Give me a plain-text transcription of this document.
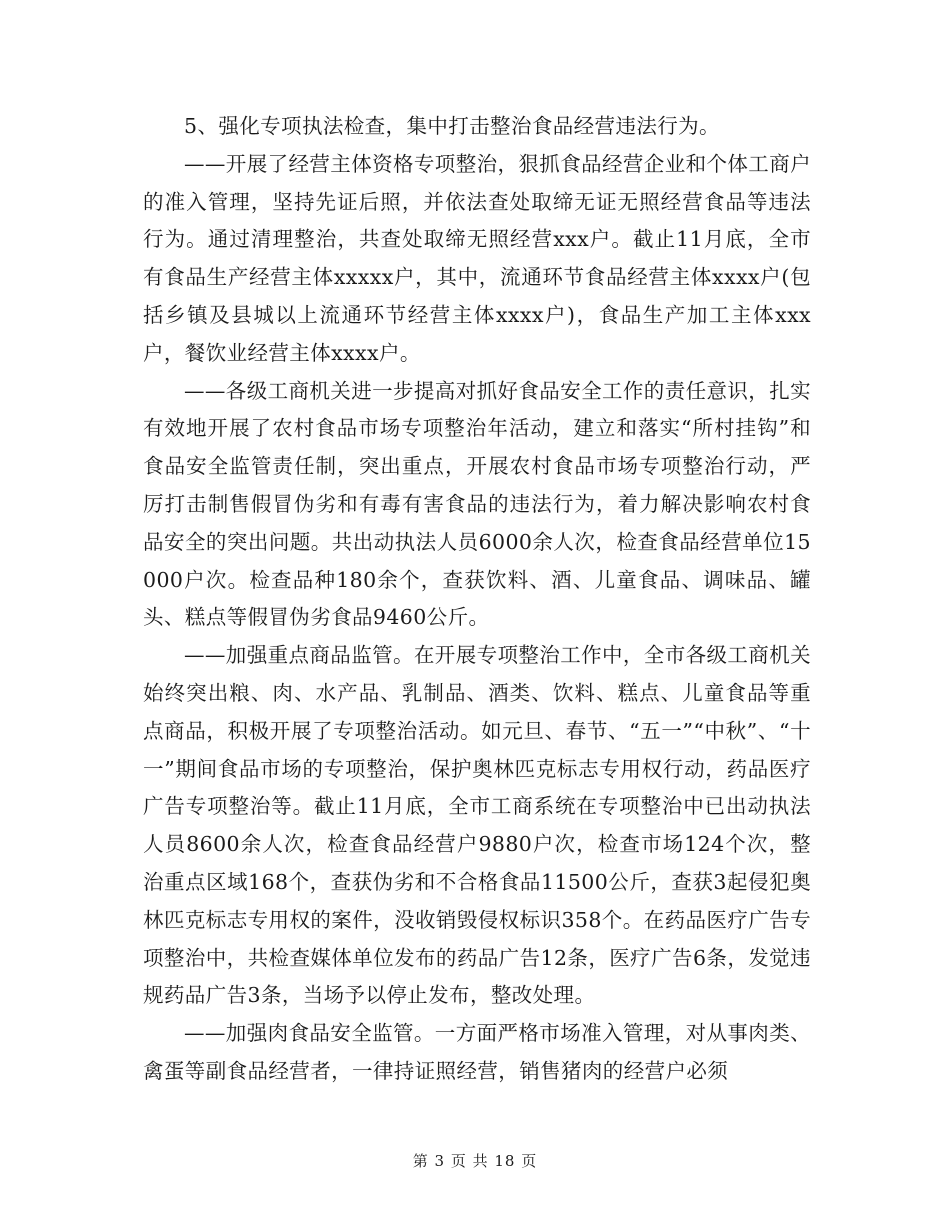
5、强化专项执法检查，集中打击整治食品经营违法行为。

——开展了经营主体资格专项整治，狠抓食品经营企业和个体工商户的准入管理，坚持先证后照，并依法查处取缔无证无照经营食品等违法行为。通过清理整治，共查处取缔无照经营xxx户。截止11月底，全市有食品生产经营主体xxxxx户，其中，流通环节食品经营主体xxxx户(包括乡镇及县城以上流通环节经营主体xxxx户)，食品生产加工主体xxx户，餐饮业经营主体xxxx户。

——各级工商机关进一步提高对抓好食品安全工作的责任意识，扎实有效地开展了农村食品市场专项整治年活动，建立和落实“所村挂钩”和食品安全监管责任制，突出重点，开展农村食品市场专项整治行动，严厉打击制售假冒伪劣和有毒有害食品的违法行为，着力解决影响农村食品安全的突出问题。共出动执法人员6000余人次，检查食品经营单位15000户次。检查品种180余个，查获饮料、酒、儿童食品、调味品、罐头、糕点等假冒伪劣食品9460公斤。

——加强重点商品监管。在开展专项整治工作中，全市各级工商机关始终突出粮、肉、水产品、乳制品、酒类、饮料、糕点、儿童食品等重点商品，积极开展了专项整治活动。如元旦、春节、“五一”“中秋”、“十一”期间食品市场的专项整治，保护奥林匹克标志专用权行动，药品医疗广告专项整治等。截止11月底，全市工商系统在专项整治中已出动执法人员8600余人次，检查食品经营户9880户次，检查市场124个次，整治重点区域168个，查获伪劣和不合格食品11500公斤，查获3起侵犯奥林匹克标志专用权的案件，没收销毁侵权标识358个。在药品医疗广告专项整治中，共检查媒体单位发布的药品广告12条，医疗广告6条，发觉违规药品广告3条，当场予以停止发布，整改处理。

——加强肉食品安全监管。一方面严格市场准入管理，对从事肉类、禽蛋等副食品经营者，一律持证照经营，销售猪肉的经营户必须

第 3 页 共 18 页
